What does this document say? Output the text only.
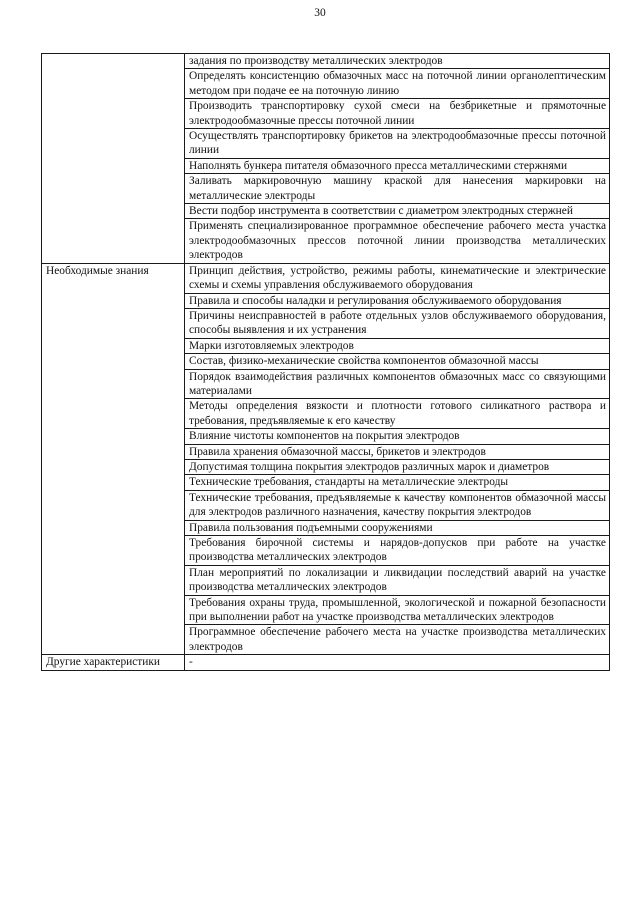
30
	задания по производству металлических электродов
	Определять консистенцию обмазочных масс на поточной линии органолептическим методом при подаче ее на поточную линию
	Производить транспортировку сухой смеси на безбрикетные и прямоточные электродообмазочные прессы поточной линии
	Осуществлять транспортировку брикетов на электродообмазочные прессы поточной линии
	Наполнять бункера питателя обмазочного пресса металлическими стержнями
	Заливать маркировочную машину краской для нанесения маркировки на металлические электроды
	Вести подбор инструмента в соответствии с диаметром электродных стержней
	Применять специализированное программное обеспечение рабочего места участка электродообмазочных прессов поточной линии производства металлических электродов
Необходимые знания	Принцип действия, устройство, режимы работы, кинематические и электрические схемы и схемы управления обслуживаемого оборудования
	Правила и способы наладки и регулирования обслуживаемого оборудования
	Причины неисправностей в работе отдельных узлов обслуживаемого оборудования, способы выявления и их устранения
	Марки изготовляемых электродов
	Состав, физико-механические свойства компонентов обмазочной массы
	Порядок взаимодействия различных компонентов обмазочных масс со связующими материалами
	Методы определения вязкости и плотности готового силикатного раствора и требования, предъявляемые к его качеству
	Влияние чистоты компонентов на покрытия электродов
	Правила хранения обмазочной массы, брикетов и электродов
	Допустимая толщина покрытия электродов различных марок и диаметров
	Технические требования, стандарты на металлические электроды
	Технические требования, предъявляемые к качеству компонентов обмазочной массы для электродов различного назначения, качеству покрытия электродов
	Правила пользования подъемными сооружениями
	Требования бирочной системы и нарядов-допусков при работе на участке производства металлических электродов
	План мероприятий по локализации и ликвидации последствий аварий на участке производства металлических электродов
	Требования охраны труда, промышленной, экологической и пожарной безопасности при выполнении работ на участке производства металлических электродов
	Программное обеспечение рабочего места на участке производства металлических электродов
Другие характеристики	-
